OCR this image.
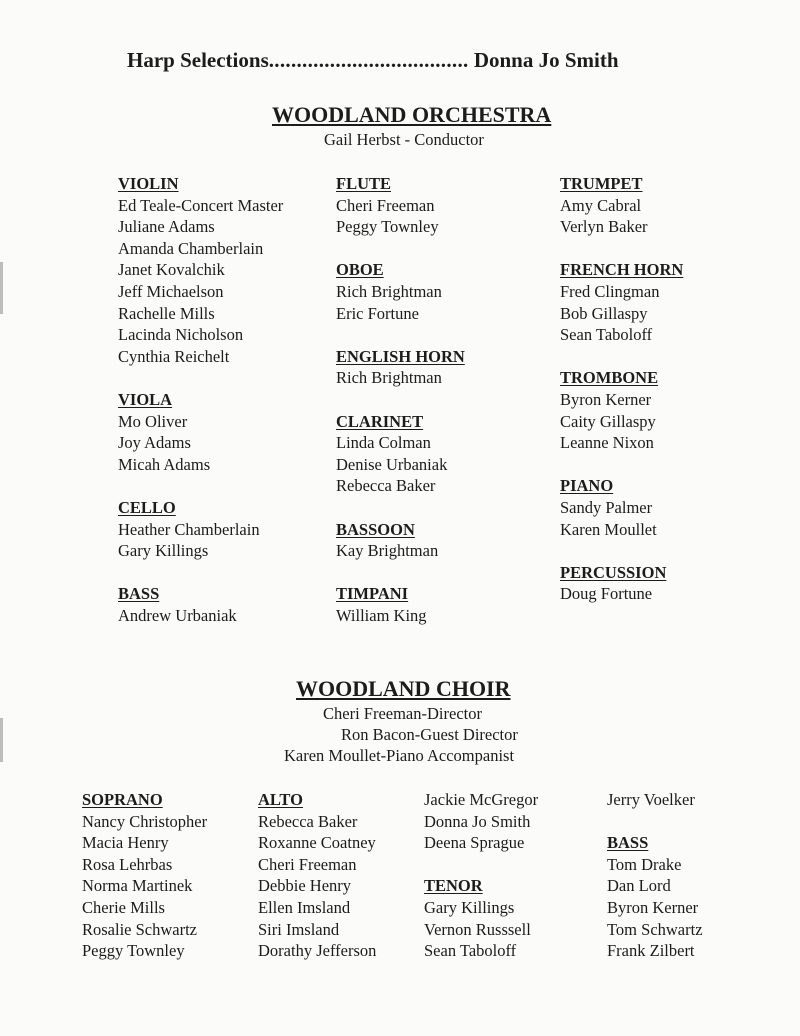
Harp Selections.................................... Donna Jo Smith
WOODLAND ORCHESTRA
Gail Herbst - Conductor
VIOLIN
Ed Teale-Concert Master
Juliane Adams
Amanda Chamberlain
Janet Kovalchik
Jeff Michaelson
Rachelle Mills
Lacinda Nicholson
Cynthia Reichelt
VIOLA
Mo Oliver
Joy Adams
Micah Adams
CELLO
Heather Chamberlain
Gary Killings
BASS
Andrew Urbaniak
FLUTE
Cheri Freeman
Peggy Townley
OBOE
Rich Brightman
Eric Fortune
ENGLISH HORN
Rich Brightman
CLARINET
Linda Colman
Denise Urbaniak
Rebecca Baker
BASSOON
Kay Brightman
TIMPANI
William King
TRUMPET
Amy Cabral
Verlyn Baker
FRENCH HORN
Fred Clingman
Bob Gillaspy
Sean Taboloff
TROMBONE
Byron Kerner
Caity Gillaspy
Leanne Nixon
PIANO
Sandy Palmer
Karen Moullet
PERCUSSION
Doug Fortune
WOODLAND CHOIR
Cheri Freeman-Director
Ron Bacon-Guest Director
Karen Moullet-Piano Accompanist
SOPRANO
Nancy Christopher
Macia Henry
Rosa Lehrbas
Norma Martinek
Cherie Mills
Rosalie Schwartz
Peggy Townley
ALTO
Rebecca Baker
Roxanne Coatney
Cheri Freeman
Debbie Henry
Ellen Imsland
Siri Imsland
Dorathy Jefferson
Jackie McGregor
Donna Jo Smith
Deena Sprague
TENOR
Gary Killings
Vernon Russsell
Sean Taboloff
Jerry Voelker
BASS
Tom Drake
Dan Lord
Byron Kerner
Tom Schwartz
Frank Zilbert
